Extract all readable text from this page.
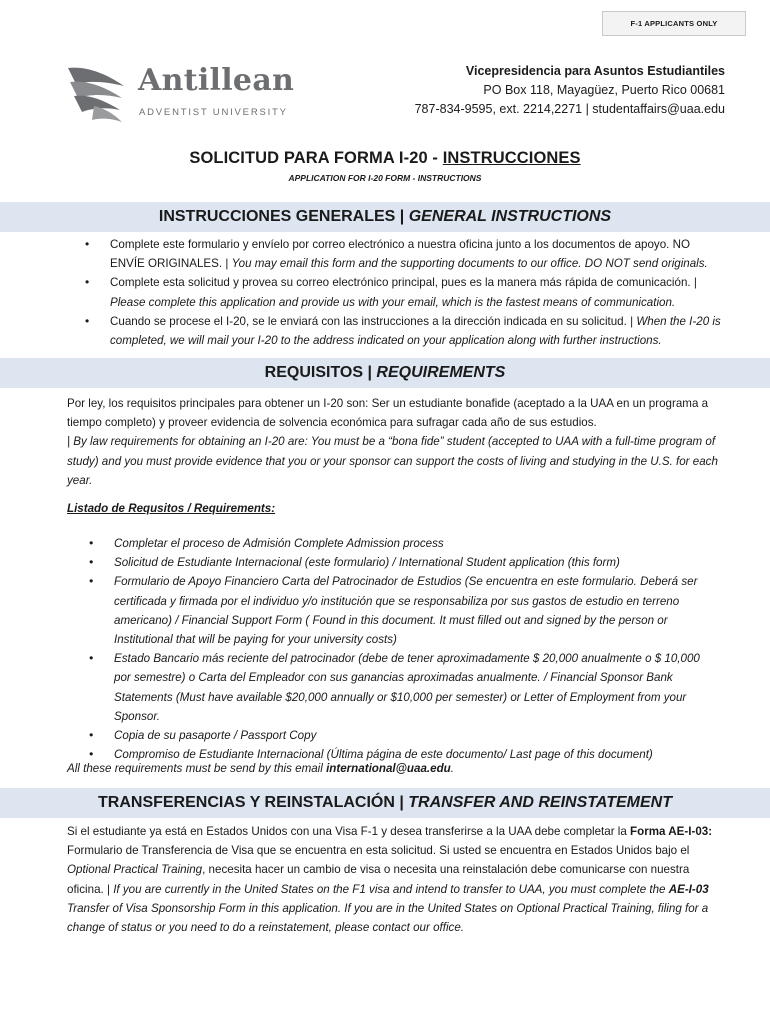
F-1 APPLICANTS ONLY
Antillean
ADVENTIST UNIVERSITY
Vicepresidencia para Asuntos Estudiantiles
PO Box 118, Mayagüez, Puerto Rico 00681
787-834-9595, ext. 2214,2271 | studentaffairs@uaa.edu
SOLICITUD PARA FORMA I-20 - INSTRUCCIONES
APPLICATION FOR I-20 FORM - INSTRUCTIONS
INSTRUCCIONES GENERALES | GENERAL INSTRUCTIONS
• Complete este formulario y envíelo por correo electrónico a nuestra oficina junto a los documentos de apoyo. NO ENVÍE ORIGINALES. | You may email this form and the supporting documents to our office. DO NOT send originals.
• Complete esta solicitud y provea su correo electrónico principal, pues es la manera más rápida de comunicación. | Please complete this application and provide us with your email, which is the fastest means of communication.
• Cuando se procese el I-20, se le enviará con las instrucciones a la dirección indicada en su solicitud. | When the I-20 is completed, we will mail your I-20 to the address indicated on your application along with further instructions.
REQUISITOS | REQUIREMENTS
Por ley, los requisitos principales para obtener un I-20 son: Ser un estudiante bonafide (aceptado a la UAA en un programa a tiempo completo) y proveer evidencia de solvencia económica para sufragar cada año de sus estudios.
| By law requirements for obtaining an I-20 are: You must be a “bona fide” student (accepted to UAA with a full-time program of study) and you must provide evidence that you or your sponsor can support the costs of living and studying in the U.S. for each year.
Listado de Requsitos / Requirements:
• Completar el proceso de Admisión Complete Admission process
• Solicitud de Estudiante Internacional (este formulario) / International Student application (this form)
• Formulario de Apoyo Financiero Carta del Patrocinador de Estudios (Se encuentra en este formulario. Deberá ser certificada y firmada por el individuo y/o institución que se responsabiliza por sus gastos de estudio en terreno americano) / Financial Support Form ( Found in this document. It must filled out and signed by the person or Institutional that will be paying for your university costs)
• Estado Bancario más reciente del patrocinador (debe de tener aproximadamente $ 20,000 anualmente o $ 10,000 por semestre) o Carta del Empleador con sus ganancias aproximadas anualmente. / Financial Sponsor Bank Statements (Must have available $20,000 annually or $10,000 per semester) or Letter of Employment from your Sponsor.
• Copia de su pasaporte / Passport Copy
• Compromiso de Estudiante Internacional (Última página de este documento/ Last page of this document)
All these requirements must be send by this email international@uaa.edu.
TRANSFERENCIAS Y REINSTALACIÓN | TRANSFER AND REINSTATEMENT
Si el estudiante ya está en Estados Unidos con una Visa F-1 y desea transferirse a la UAA debe completar la Forma AE-I-03: Formulario de Transferencia de Visa que se encuentra en esta solicitud. Si usted se encuentra en Estados Unidos bajo el Optional Practical Training, necesita hacer un cambio de visa o necesita una reinstalación debe comunicarse con nuestra oficina. | If you are currently in the United States on the F1 visa and intend to transfer to UAA, you must complete the AE-I-03 Transfer of Visa Sponsorship Form in this application. If you are in the United States on Optional Practical Training, filing for a change of status or you need to do a reinstatement, please contact our office.
